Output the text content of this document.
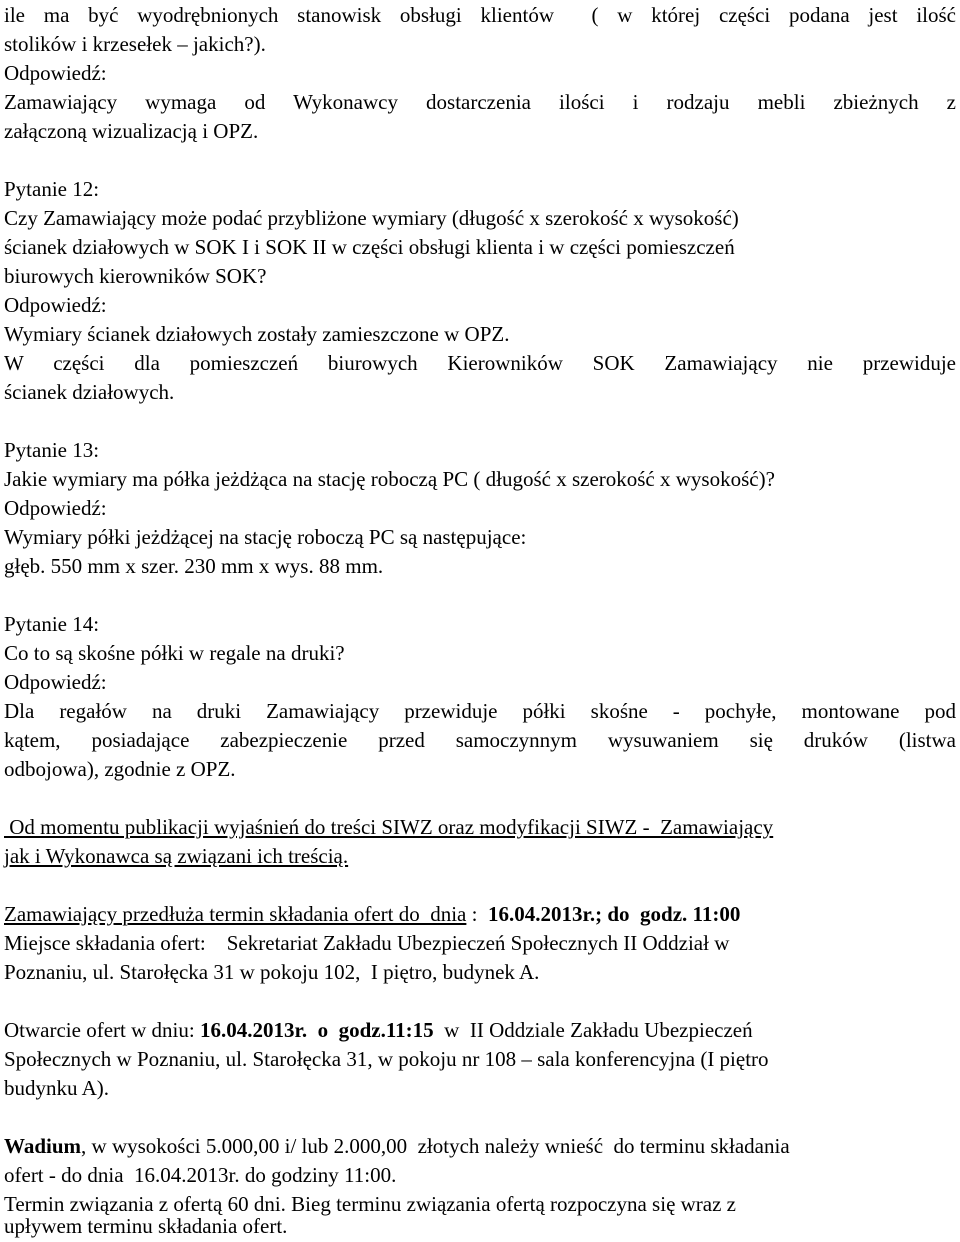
ile ma być wyodrębnionych stanowisk obsługi klientów  ( w której części podana jest ilość

stolików i krzesełek – jakich?).

Odpowiedź:

Zamawiający wymaga od Wykonawcy dostarczenia ilości i rodzaju mebli zbieżnych z

załączoną wizualizacją i OPZ.

Pytanie 12:

Czy Zamawiający może podać przybliżone wymiary (długość x szerokość x wysokość)

ścianek działowych w SOK I i SOK II w części obsługi klienta i w części pomieszczeń

biurowych kierowników SOK?

Odpowiedź:

Wymiary ścianek działowych zostały zamieszczone w OPZ.

W części dla pomieszczeń biurowych Kierowników SOK Zamawiający nie przewiduje

ścianek działowych.

Pytanie 13:

Jakie wymiary ma półka jeżdżąca na stację roboczą PC ( długość x szerokość x wysokość)?

Odpowiedź:

Wymiary półki jeżdżącej na stację roboczą PC są następujące:

głęb. 550 mm x szer. 230 mm x wys. 88 mm.

Pytanie 14:

Co to są skośne półki w regale na druki?

Odpowiedź:

Dla regałów na druki Zamawiający przewiduje półki skośne - pochyłe, montowane pod

kątem, posiadające zabezpieczenie przed samoczynnym wysuwaniem się druków (listwa

odbojowa), zgodnie z OPZ.

Od momentu publikacji wyjaśnień do treści SIWZ oraz modyfikacji SIWZ -  Zamawiający

jak i Wykonawca są związani ich treścią.

Zamawiający przedłuża termin składania ofert do  dnia :  16.04.2013r.; do  godz. 11:00

Miejsce składania ofert:    Sekretariat Zakładu Ubezpieczeń Społecznych II Oddział w

Poznaniu, ul. Starołęcka 31 w pokoju 102,  I piętro, budynek A.

Otwarcie ofert w dniu: 16.04.2013r.  o  godz.11:15  w  II Oddziale Zakładu Ubezpieczeń

Społecznych w Poznaniu, ul. Starołęcka 31, w pokoju nr 108 – sala konferencyjna (I piętro

budynku A).

Wadium, w wysokości 5.000,00 i/ lub 2.000,00  złotych należy wnieść  do terminu składania

ofert - do dnia  16.04.2013r. do godziny 11:00.

Termin związania z ofertą 60 dni. Bieg terminu związania ofertą rozpoczyna się wraz z

upływem terminu składania ofert.
